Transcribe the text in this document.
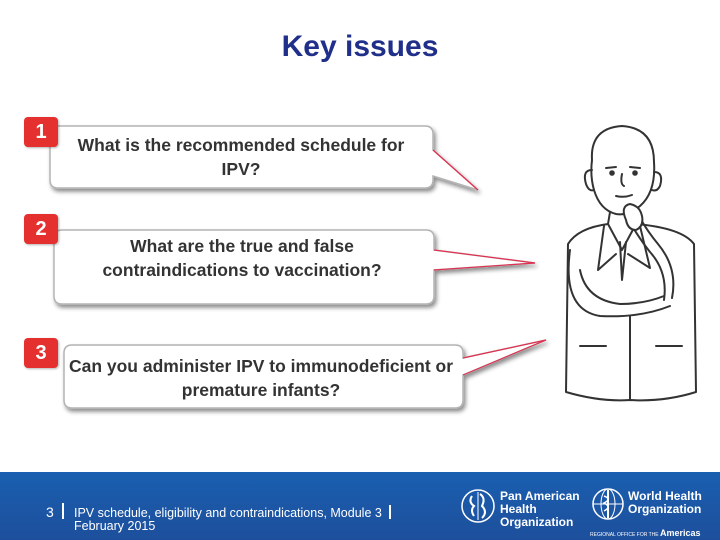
Key issues
1
2
3
What is the recommended schedule for IPV?
What are the true and false contraindications to vaccination?
Can you administer IPV to immunodeficient or premature infants?
3 IPV schedule, eligibility and contraindications, Module 3
February 2015
Pan American
Health
Organization
World Health
Organization
REGIONAL OFFICE FOR THE Americas
